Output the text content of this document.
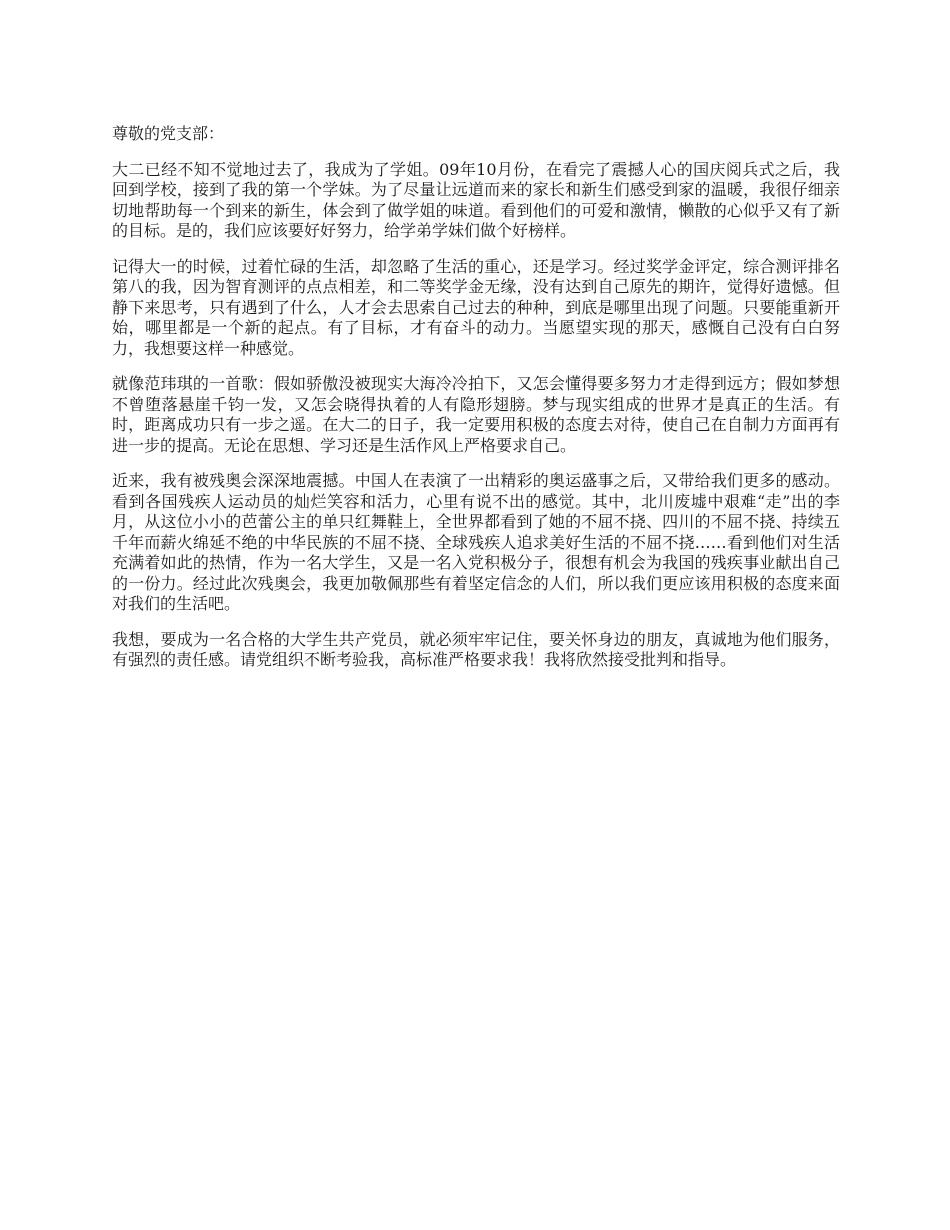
尊敬的党支部：

大二已经不知不觉地过去了，我成为了学姐。09年10月份，在看完了震撼人心的国庆阅兵式之后，我回到学校，接到了我的第一个学妹。为了尽量让远道而来的家长和新生们感受到家的温暖，我很仔细亲切地帮助每一个到来的新生，体会到了做学姐的味道。看到他们的可爱和激情，懒散的心似乎又有了新的目标。是的，我们应该要好好努力，给学弟学妹们做个好榜样。

记得大一的时候，过着忙碌的生活，却忽略了生活的重心，还是学习。经过奖学金评定，综合测评排名第八的我，因为智育测评的点点相差，和二等奖学金无缘，没有达到自己原先的期许，觉得好遗憾。但静下来思考，只有遇到了什么，人才会去思索自己过去的种种，到底是哪里出现了问题。只要能重新开始，哪里都是一个新的起点。有了目标，才有奋斗的动力。当愿望实现的那天，感慨自己没有白白努力，我想要这样一种感觉。

就像范玮琪的一首歌：假如骄傲没被现实大海冷冷拍下，又怎会懂得要多努力才走得到远方；假如梦想不曾堕落悬崖千钧一发，又怎会晓得执着的人有隐形翅膀。梦与现实组成的世界才是真正的生活。有时，距离成功只有一步之遥。在大二的日子，我一定要用积极的态度去对待，使自己在自制力方面再有进一步的提高。无论在思想、学习还是生活作风上严格要求自己。

近来，我有被残奥会深深地震撼。中国人在表演了一出精彩的奥运盛事之后，又带给我们更多的感动。看到各国残疾人运动员的灿烂笑容和活力，心里有说不出的感觉。其中，北川废墟中艰难“走”出的李月，从这位小小的芭蕾公主的单只红舞鞋上，全世界都看到了她的不屈不挠、四川的不屈不挠、持续五千年而薪火绵延不绝的中华民族的不屈不挠、全球残疾人追求美好生活的不屈不挠……看到他们对生活充满着如此的热情，作为一名大学生，又是一名入党积极分子，很想有机会为我国的残疾事业献出自己的一份力。经过此次残奥会，我更加敬佩那些有着坚定信念的人们，所以我们更应该用积极的态度来面对我们的生活吧。

我想，要成为一名合格的大学生共产党员，就必须牢牢记住，要关怀身边的朋友，真诚地为他们服务，有强烈的责任感。请党组织不断考验我，高标准严格要求我！我将欣然接受批判和指导。
